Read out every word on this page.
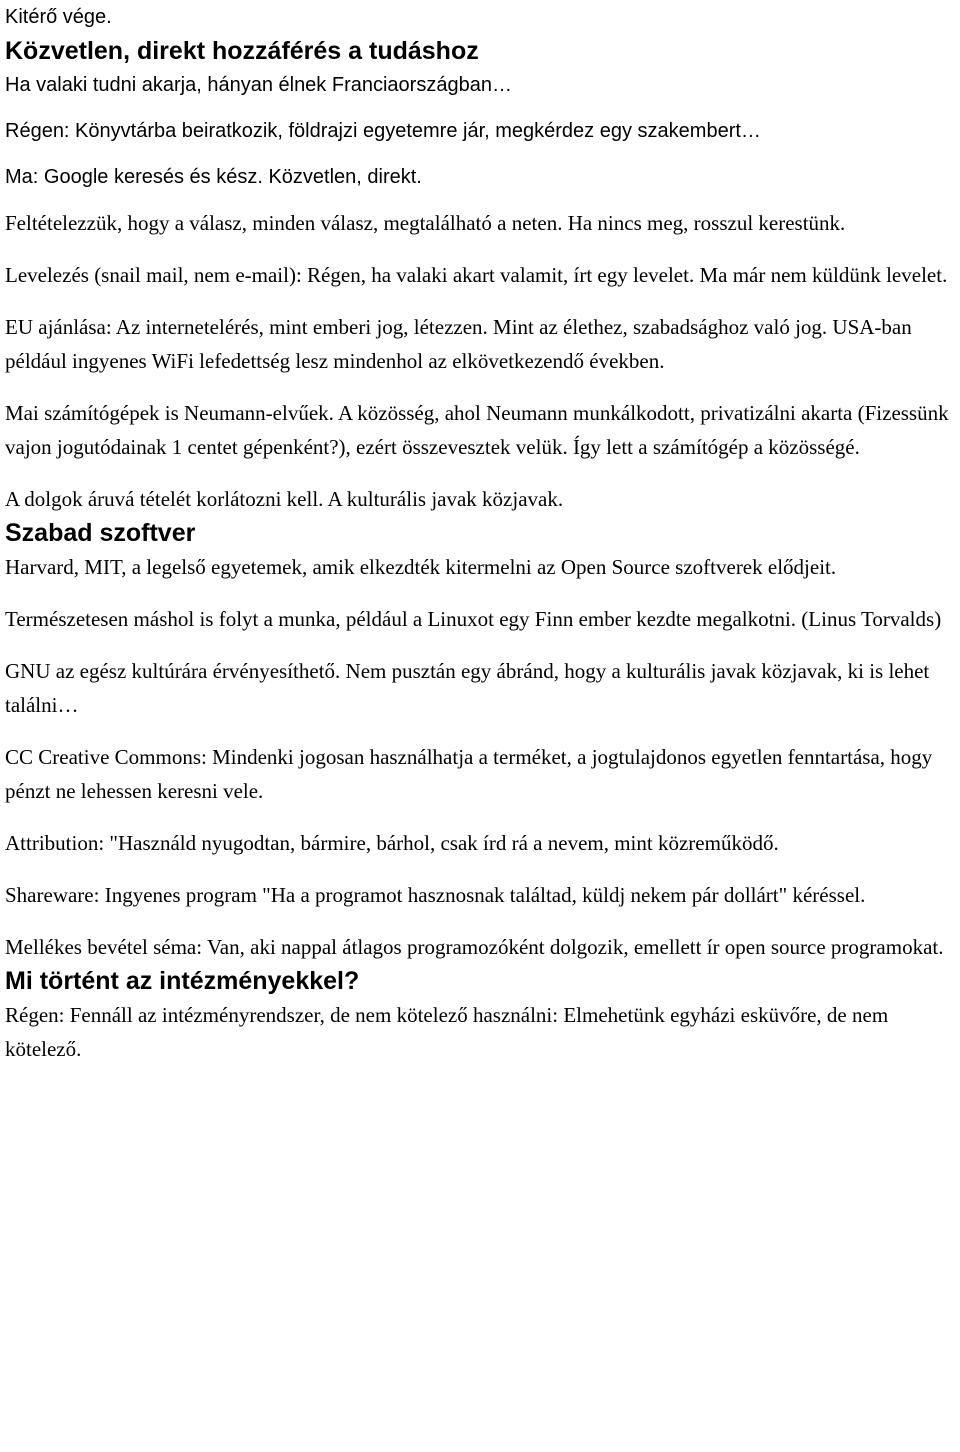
Kitérő vége.

Közvetlen, direkt hozzáférés a tudáshoz

Ha valaki tudni akarja, hányan élnek Franciaországban…

Régen: Könyvtárba beiratkozik, földrajzi egyetemre jár, megkérdez egy szakembert…

Ma: Google keresés és kész. Közvetlen, direkt.

Feltételezzük, hogy a válasz, minden válasz, megtalálható a neten. Ha nincs meg, rosszul kerestünk.

Levelezés (snail mail, nem e-mail): Régen, ha valaki akart valamit, írt egy levelet. Ma már nem küldünk levelet.

EU ajánlása: Az internetelérés, mint emberi jog, létezzen. Mint az élethez, szabadsághoz való jog. USA-ban például ingyenes WiFi lefedettség lesz mindenhol az elkövetkezendő években.

Mai számítógépek is Neumann-elvűek. A közösség, ahol Neumann munkálkodott, privatizálni akarta (Fizessünk vajon jogutódainak 1 centet gépenként?), ezért összevesztek velük. Így lett a számítógép a közösségé.

A dolgok áruvá tételét korlátozni kell. A kulturális javak közjavak.

Szabad szoftver

Harvard, MIT, a legelső egyetemek, amik elkezdték kitermelni az Open Source szoftverek elődjeit.

Természetesen máshol is folyt a munka, például a Linuxot egy Finn ember kezdte megalkotni. (Linus Torvalds)

GNU az egész kultúrára érvényesíthető. Nem pusztán egy ábránd, hogy a kulturális javak közjavak, ki is lehet találni…

CC Creative Commons: Mindenki jogosan használhatja a terméket, a jogtulajdonos egyetlen fenntartása, hogy pénzt ne lehessen keresni vele.

Attribution: "Használd nyugodtan, bármire, bárhol, csak írd rá a nevem, mint közreműködő.

Shareware: Ingyenes program "Ha a programot hasznosnak találtad, küldj nekem pár dollárt" kéréssel.

Mellékes bevétel séma: Van, aki nappal átlagos programozóként dolgozik, emellett ír open source programokat.

Mi történt az intézményekkel?

Régen: Fennáll az intézményrendszer, de nem kötelező használni: Elmehetünk egyházi esküvőre, de nem kötelező.
